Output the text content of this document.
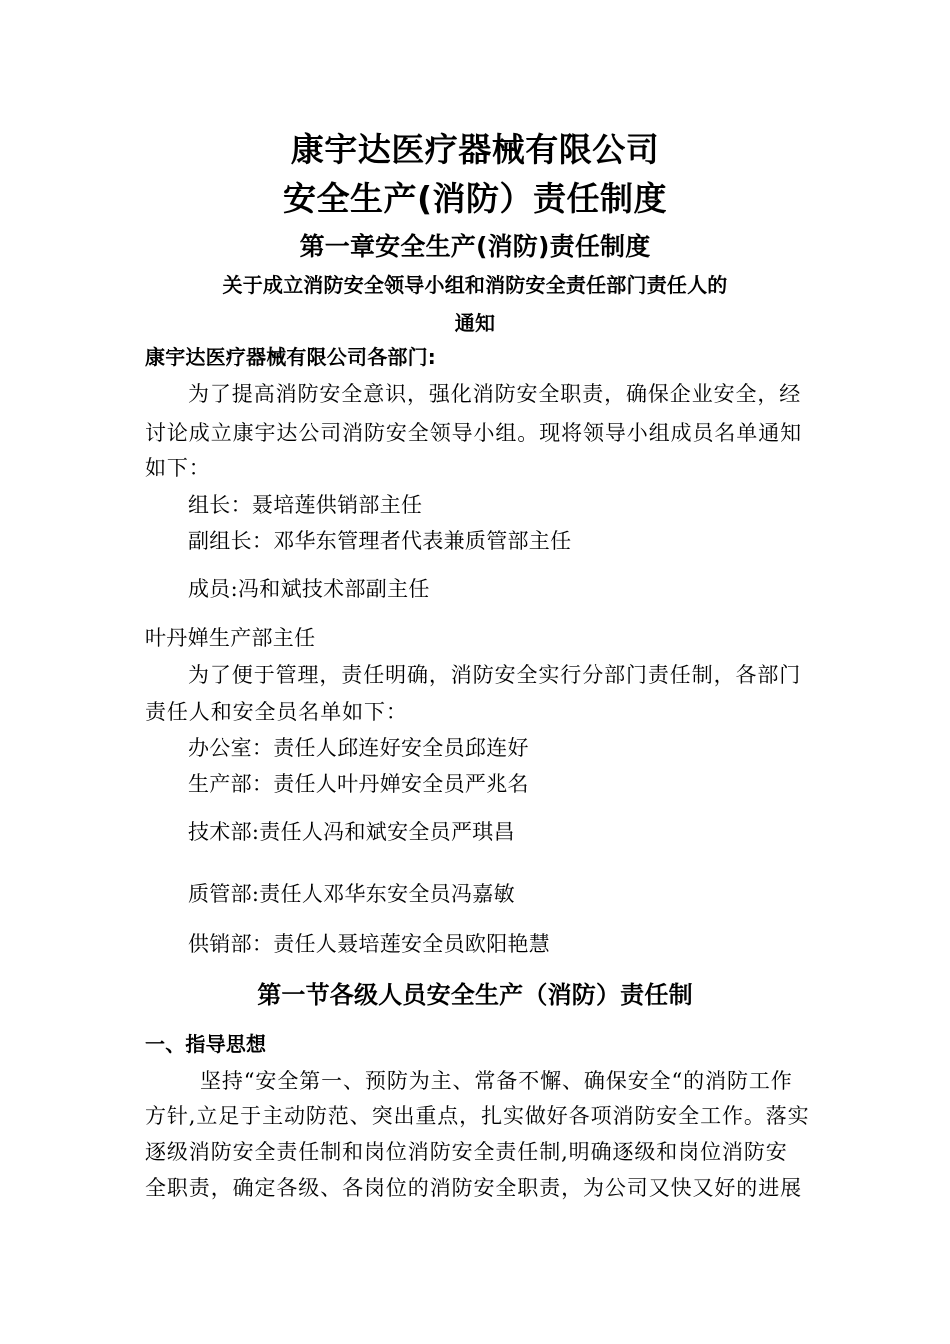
康宇达医疗器械有限公司
安全生产(消防）责任制度
第一章安全生产(消防)责任制度
关于成立消防安全领导小组和消防安全责任部门责任人的
通知
康宇达医疗器械有限公司各部门:
为了提高消防安全意识，强化消防安全职责，确保企业安全，经
讨论成立康宇达公司消防安全领导小组。现将领导小组成员名单通知
如下：
组长：聂培莲供销部主任
副组长：邓华东管理者代表兼质管部主任
成员:冯和斌技术部副主任
叶丹婵生产部主任
为了便于管理，责任明确，消防安全实行分部门责任制，各部门
责任人和安全员名单如下：
办公室：责任人邱连好安全员邱连好
生产部：责任人叶丹婵安全员严兆名
技术部:责任人冯和斌安全员严琪昌
质管部:责任人邓华东安全员冯嘉敏
供销部：责任人聂培莲安全员欧阳艳慧
第一节各级人员安全生产（消防）责任制
一、指导思想
坚持“安全第一、预防为主、常备不懈、确保安全“的消防工作
方针,立足于主动防范、突出重点，扎实做好各项消防安全工作。落实
逐级消防安全责任制和岗位消防安全责任制,明确逐级和岗位消防安
全职责，确定各级、各岗位的消防安全职责，为公司又快又好的进展
